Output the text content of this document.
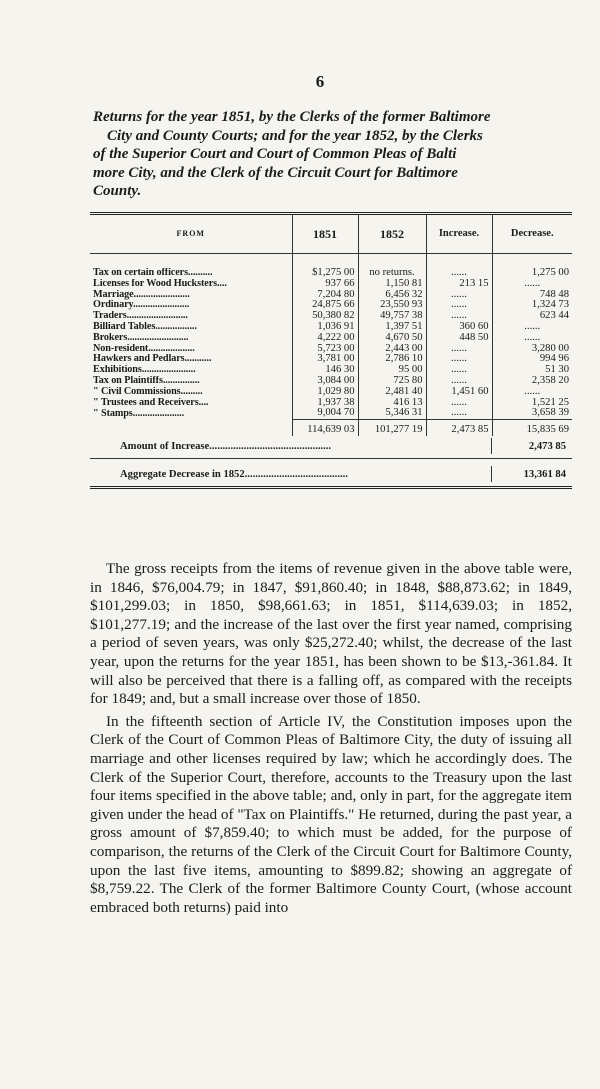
6
Returns for the year 1851, by the Clerks of the former Baltimore
City and County Courts; and for the year 1852, by the Clerks
of the Superior Court and Court of Common Pleas of Balti
more City, and the Clerk of the Circuit Court for Baltimore
County.
FROM	1851	1852	Increase.	Decrease.

Tax on certain officers..........	$1,275 00	no returns.	......	1,275 00
Licenses for Wood Hucksters....	937 66	1,150 81	213 15	......
Marriage.......................	7,204 80	6,456 32	......	748 48
Ordinary.......................	24,875 66	23,550 93	......	1,324 73
Traders.........................	50,380 82	49,757 38	......	623 44
Billiard Tables.................	1,036 91	1,397 51	360 60	......
Brokers.........................	4,222 00	4,670 50	448 50	......
Non-resident...................	5,723 00	2,443 00	......	3,280 00
Hawkers and Pedlars...........	3,781 00	2,786 10	......	994 96
Exhibitions......................	146 30	95 00	......	51 30
Tax on Plaintiffs...............	3,084 00	725 80	......	2,358 20
" Civil Commissions.........	1,029 80	2,481 40	1,451 60	......
" Trustees and Receivers....	1,937 38	416 13	......	1,521 25
" Stamps.....................	9,004 70	5,346 31	......	3,658 39
	114,639 03	101,277 19	2,473 85	15,835 69
Amount of Increase..............................................	2,473 85
Aggregate Decrease in 1852.......................................	13,361 84

The gross receipts from the items of revenue given in the above table were, in 1846, $76,004.79; in 1847, $91,860.40; in 1848, $88,873.62; in 1849, $101,299.03; in 1850, $98,661.63; in 1851, $114,639.03; in 1852, $101,277.19; and the increase of the last over the first year named, comprising a period of seven years, was only $25,272.40; whilst, the decrease of the last year, upon the returns for the year 1851, has been shown to be $13,-361.84. It will also be perceived that there is a falling off, as compared with the receipts for 1849; and, but a small increase over those of 1850.

In the fifteenth section of Article IV, the Constitution imposes upon the Clerk of the Court of Common Pleas of Baltimore City, the duty of issuing all marriage and other licenses required by law; which he accordingly does. The Clerk of the Superior Court, therefore, accounts to the Treasury upon the last four items specified in the above table; and, only in part, for the aggregate item given under the head of "Tax on Plaintiffs." He returned, during the past year, a gross amount of $7,859.40; to which must be added, for the purpose of comparison, the returns of the Clerk of the Circuit Court for Baltimore County, upon the last five items, amounting to $899.82; showing an aggregate of $8,759.22. The Clerk of the former Baltimore County Court, (whose account embraced both returns) paid into
